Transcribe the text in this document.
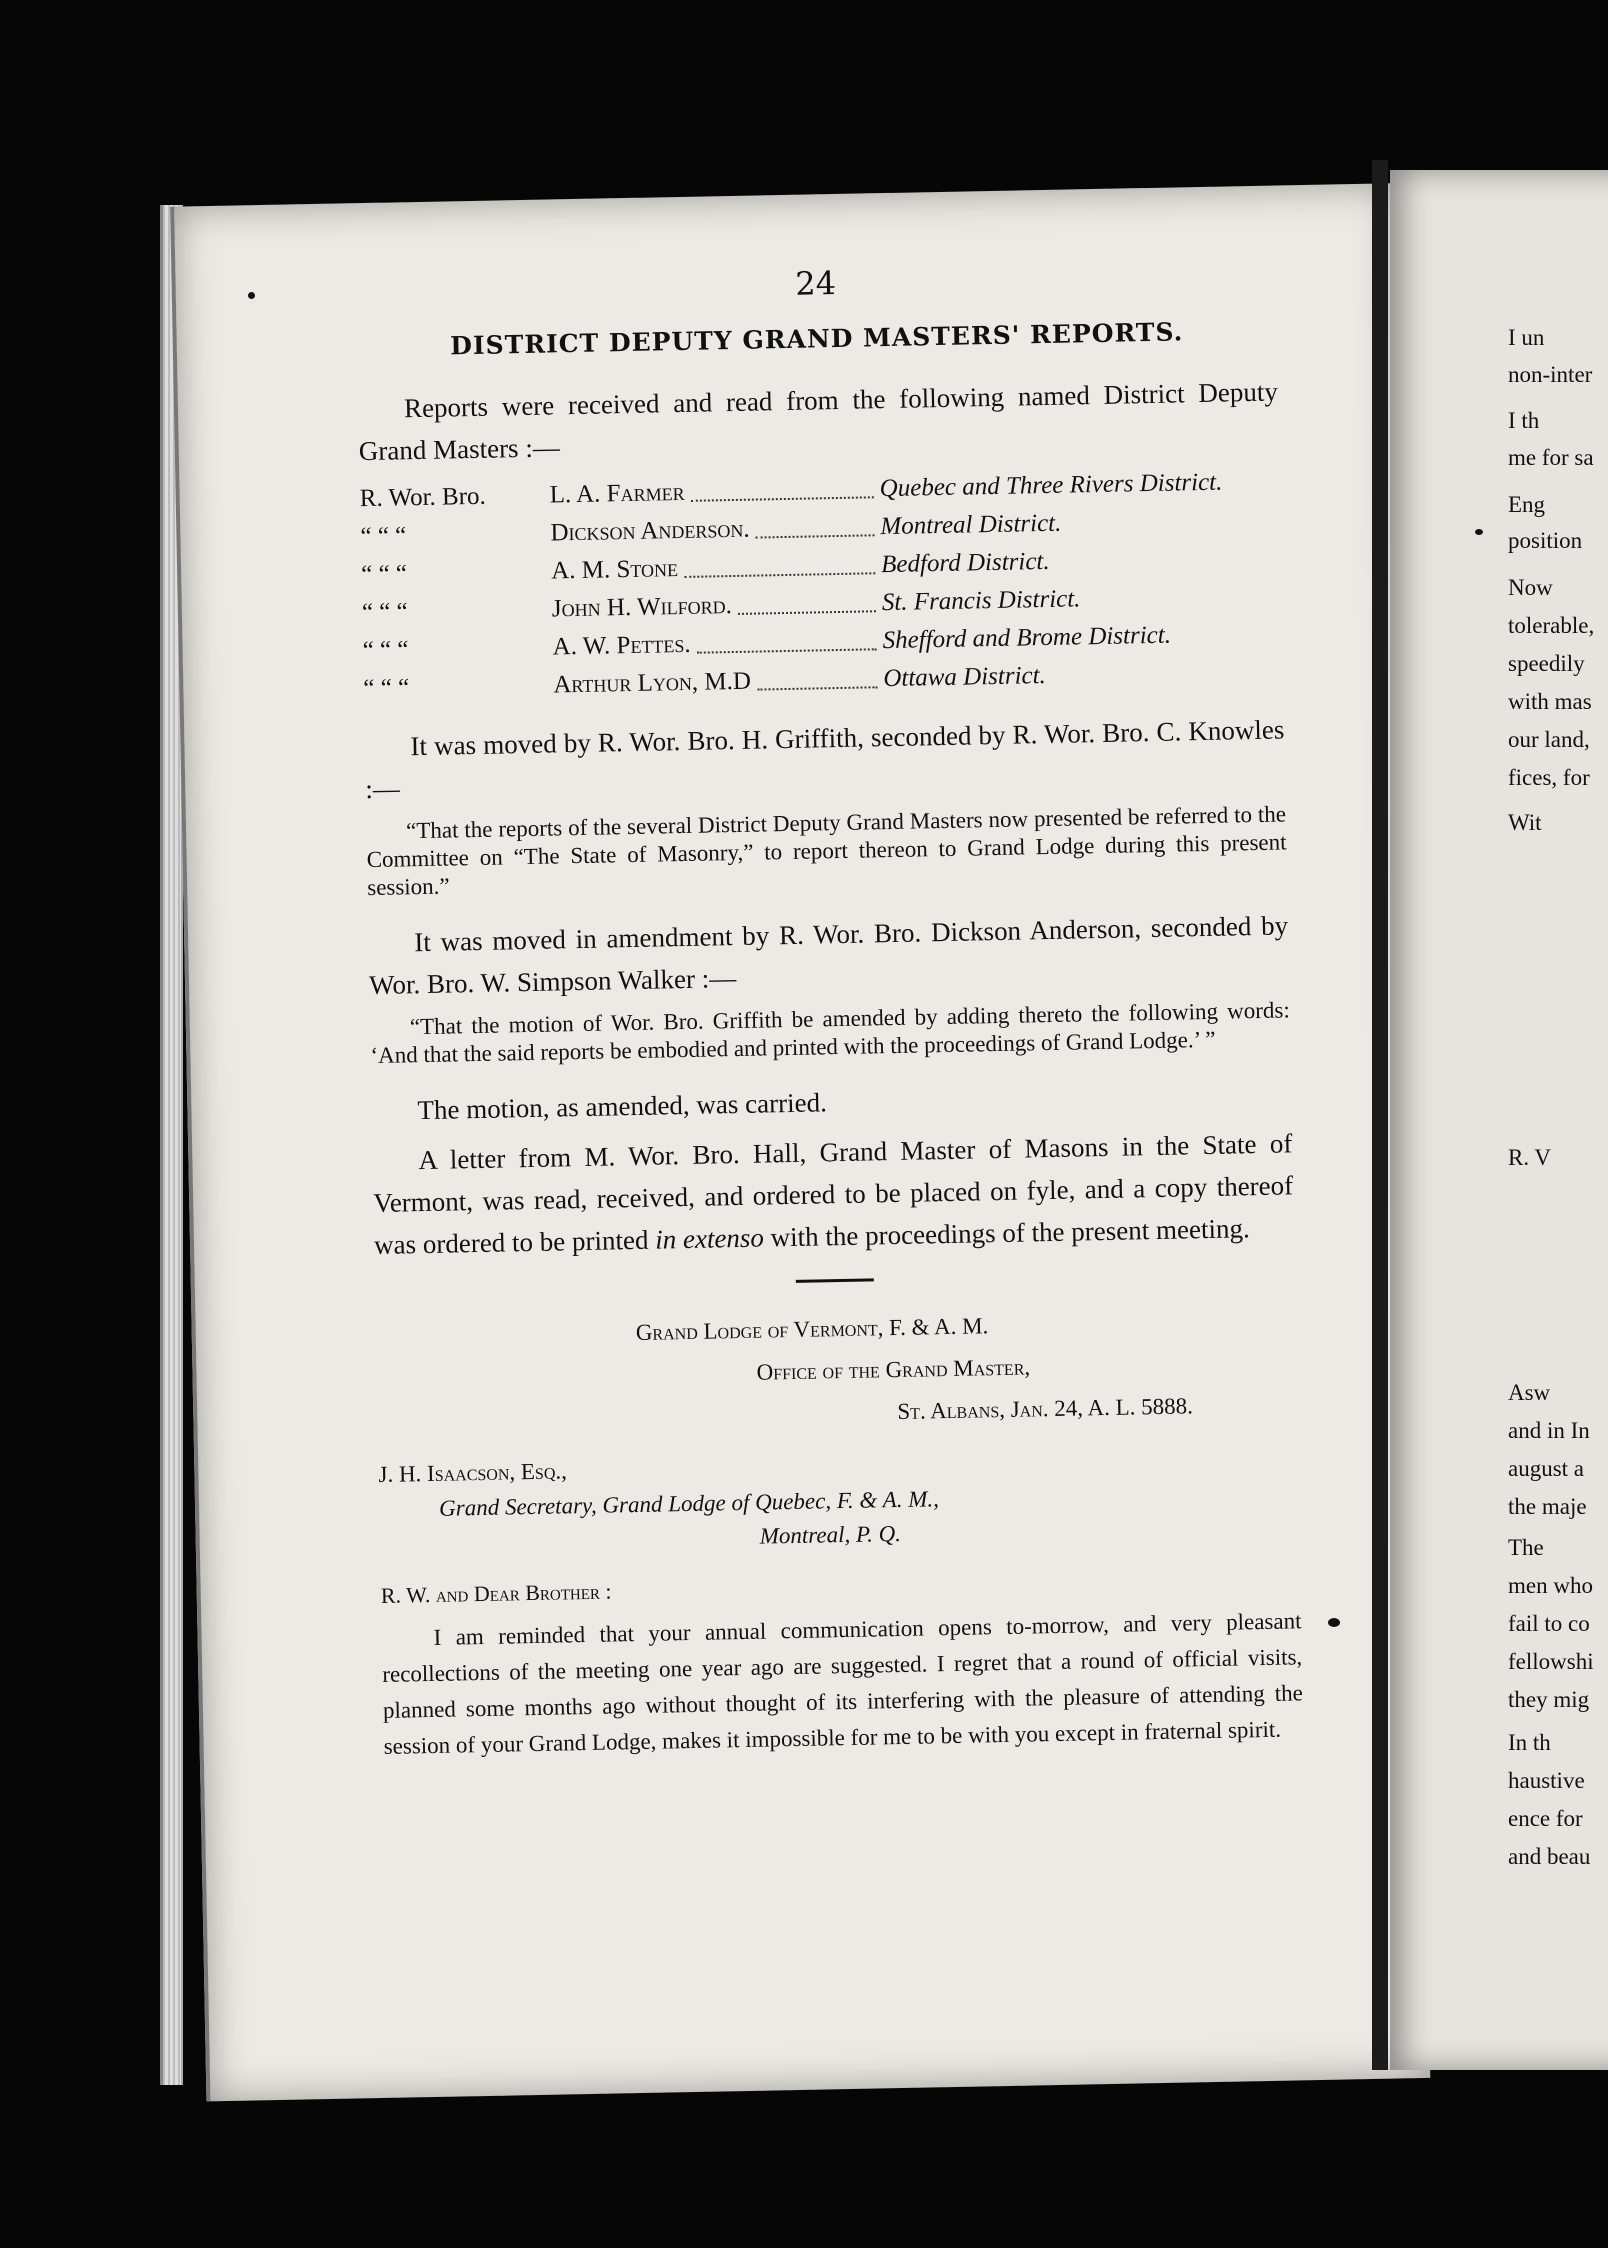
24

DISTRICT DEPUTY GRAND MASTERS' REPORTS.

Reports were received and read from the following named District Deputy Grand Masters :—

R. Wor. Bro.	L. A. Farmer	Quebec and Three Rivers District.
“ “ “	Dickson Anderson.	Montreal District.
“ “ “	A. M. Stone	Bedford District.
“ “ “	John H. Wilford.	St. Francis District.
“ “ “	A. W. Pettes.	Shefford and Brome District.
“ “ “	Arthur Lyon, M.D	Ottawa District.

It was moved by R. Wor. Bro. H. Griffith, seconded by R. Wor. Bro. C. Knowles :—

“That the reports of the several District Deputy Grand Masters now presented be referred to the Committee on “The State of Masonry,” to report thereon to Grand Lodge during this present session.”

It was moved in amendment by R. Wor. Bro. Dickson Anderson, seconded by Wor. Bro. W. Simpson Walker :—

“That the motion of Wor. Bro. Griffith be amended by adding thereto the following words: ‘And that the said reports be embodied and printed with the proceedings of Grand Lodge.’ ”

The motion, as amended, was carried.

A letter from M. Wor. Bro. Hall, Grand Master of Masons in the State of Vermont, was read, received, and ordered to be placed on fyle, and a copy thereof was ordered to be printed in extenso with the proceedings of the present meeting.

Grand Lodge of Vermont, F. & A. M.
Office of the Grand Master,
St. Albans, Jan. 24, A. L. 5888.
J. H. Isaacson, Esq.,
Grand Secretary, Grand Lodge of Quebec, F. & A. M.,
Montreal, P. Q.

R. W. and Dear Brother :

I am reminded that your annual communication opens to-morrow, and very pleasant recollections of the meeting one year ago are suggested. I regret that a round of official visits, planned some months ago without thought of its interfering with the pleasure of attending the session of your Grand Lodge, makes it impossible for me to be with you except in fraternal spirit.

I un
non-inter
I th
me for sa
Eng
position
Now
tolerable,
speedily
with mas
our land,
fices, for
Wit
R. V
Asw
and in In
august a
the maje
The
men who
fail to co
fellowshi
they mig
In th
haustive
ence for
and beau
